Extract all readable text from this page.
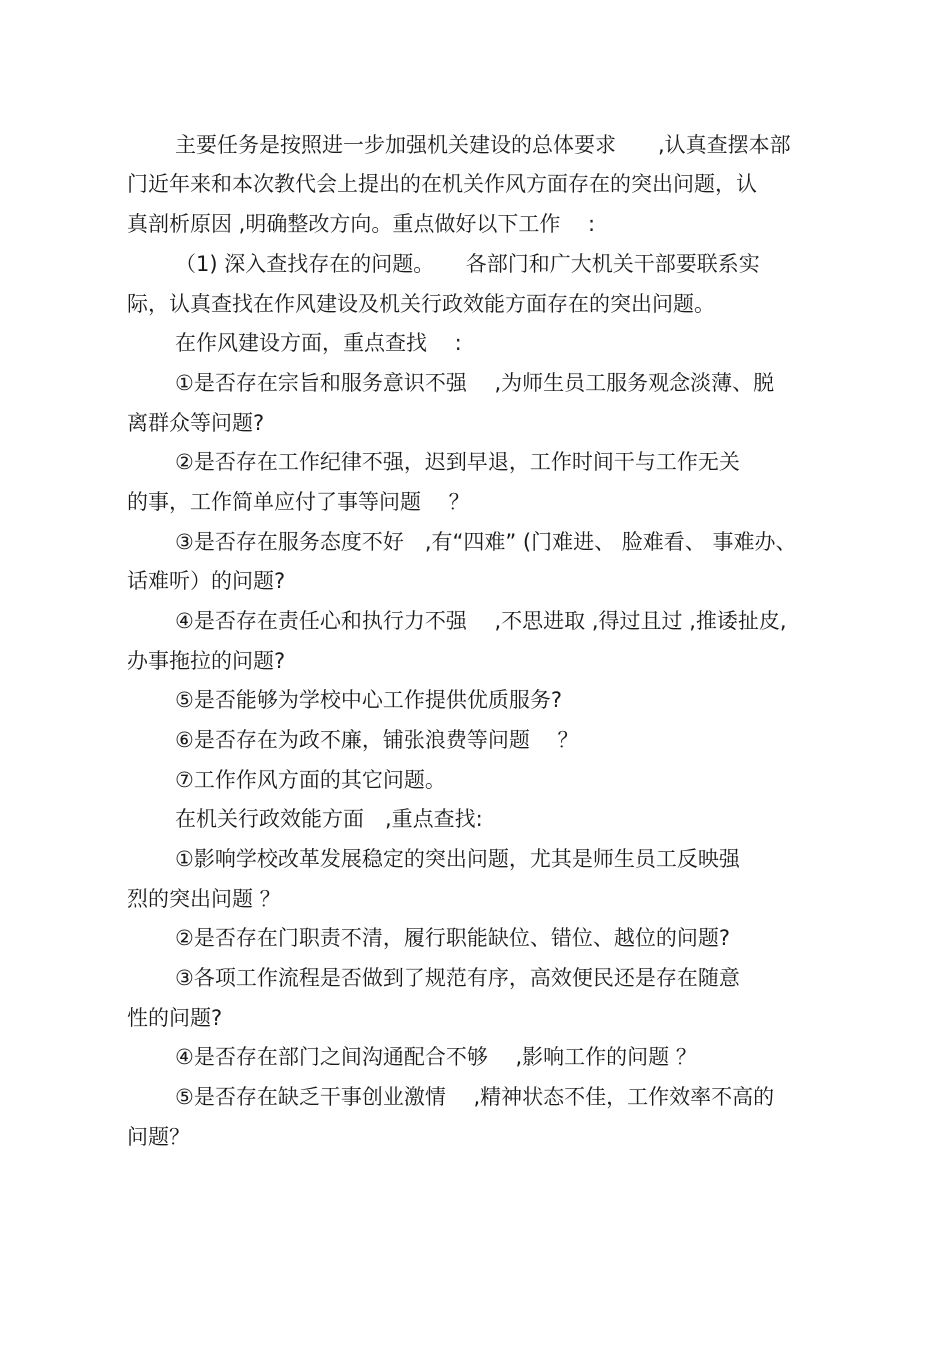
主要任务是按照进一步加强机关建设的总体要求　　,认真查摆本部
门近年来和本次教代会上提出的在机关作风方面存在的突出问题，认
真剖析原因 ,明确整改方向。重点做好以下工作　 :
（1) 深入查找存在的问题。　　各部门和广大机关干部要联系实
际，认真查找在作风建设及机关行政效能方面存在的突出问题。
在作风建设方面，重点查找　 :
①是否存在宗旨和服务意识不强　 ,为师生员工服务观念淡薄、脱
离群众等问题?
②是否存在工作纪律不强，迟到早退，工作时间干与工作无关
的事，工作简单应付了事等问题　 ？
③是否存在服务态度不好　,有“四难” (门难进、 脸难看、 事难办、
话难听）的问题?
④是否存在责任心和执行力不强　 ,不思进取 ,得过且过 ,推诿扯皮,
办事拖拉的问题?
⑤是否能够为学校中心工作提供优质服务?
⑥是否存在为政不廉，铺张浪费等问题　 ？
⑦工作作风方面的其它问题。
在机关行政效能方面　,重点查找:
①影响学校改革发展稳定的突出问题，尤其是师生员工反映强
烈的突出问题 ？
②是否存在门职责不清，履行职能缺位、错位、越位的问题?
③各项工作流程是否做到了规范有序，高效便民还是存在随意
性的问题?
④是否存在部门之间沟通配合不够　 ,影响工作的问题 ？
⑤是否存在缺乏干事创业激情　 ,精神状态不佳，工作效率不高的
问题？
